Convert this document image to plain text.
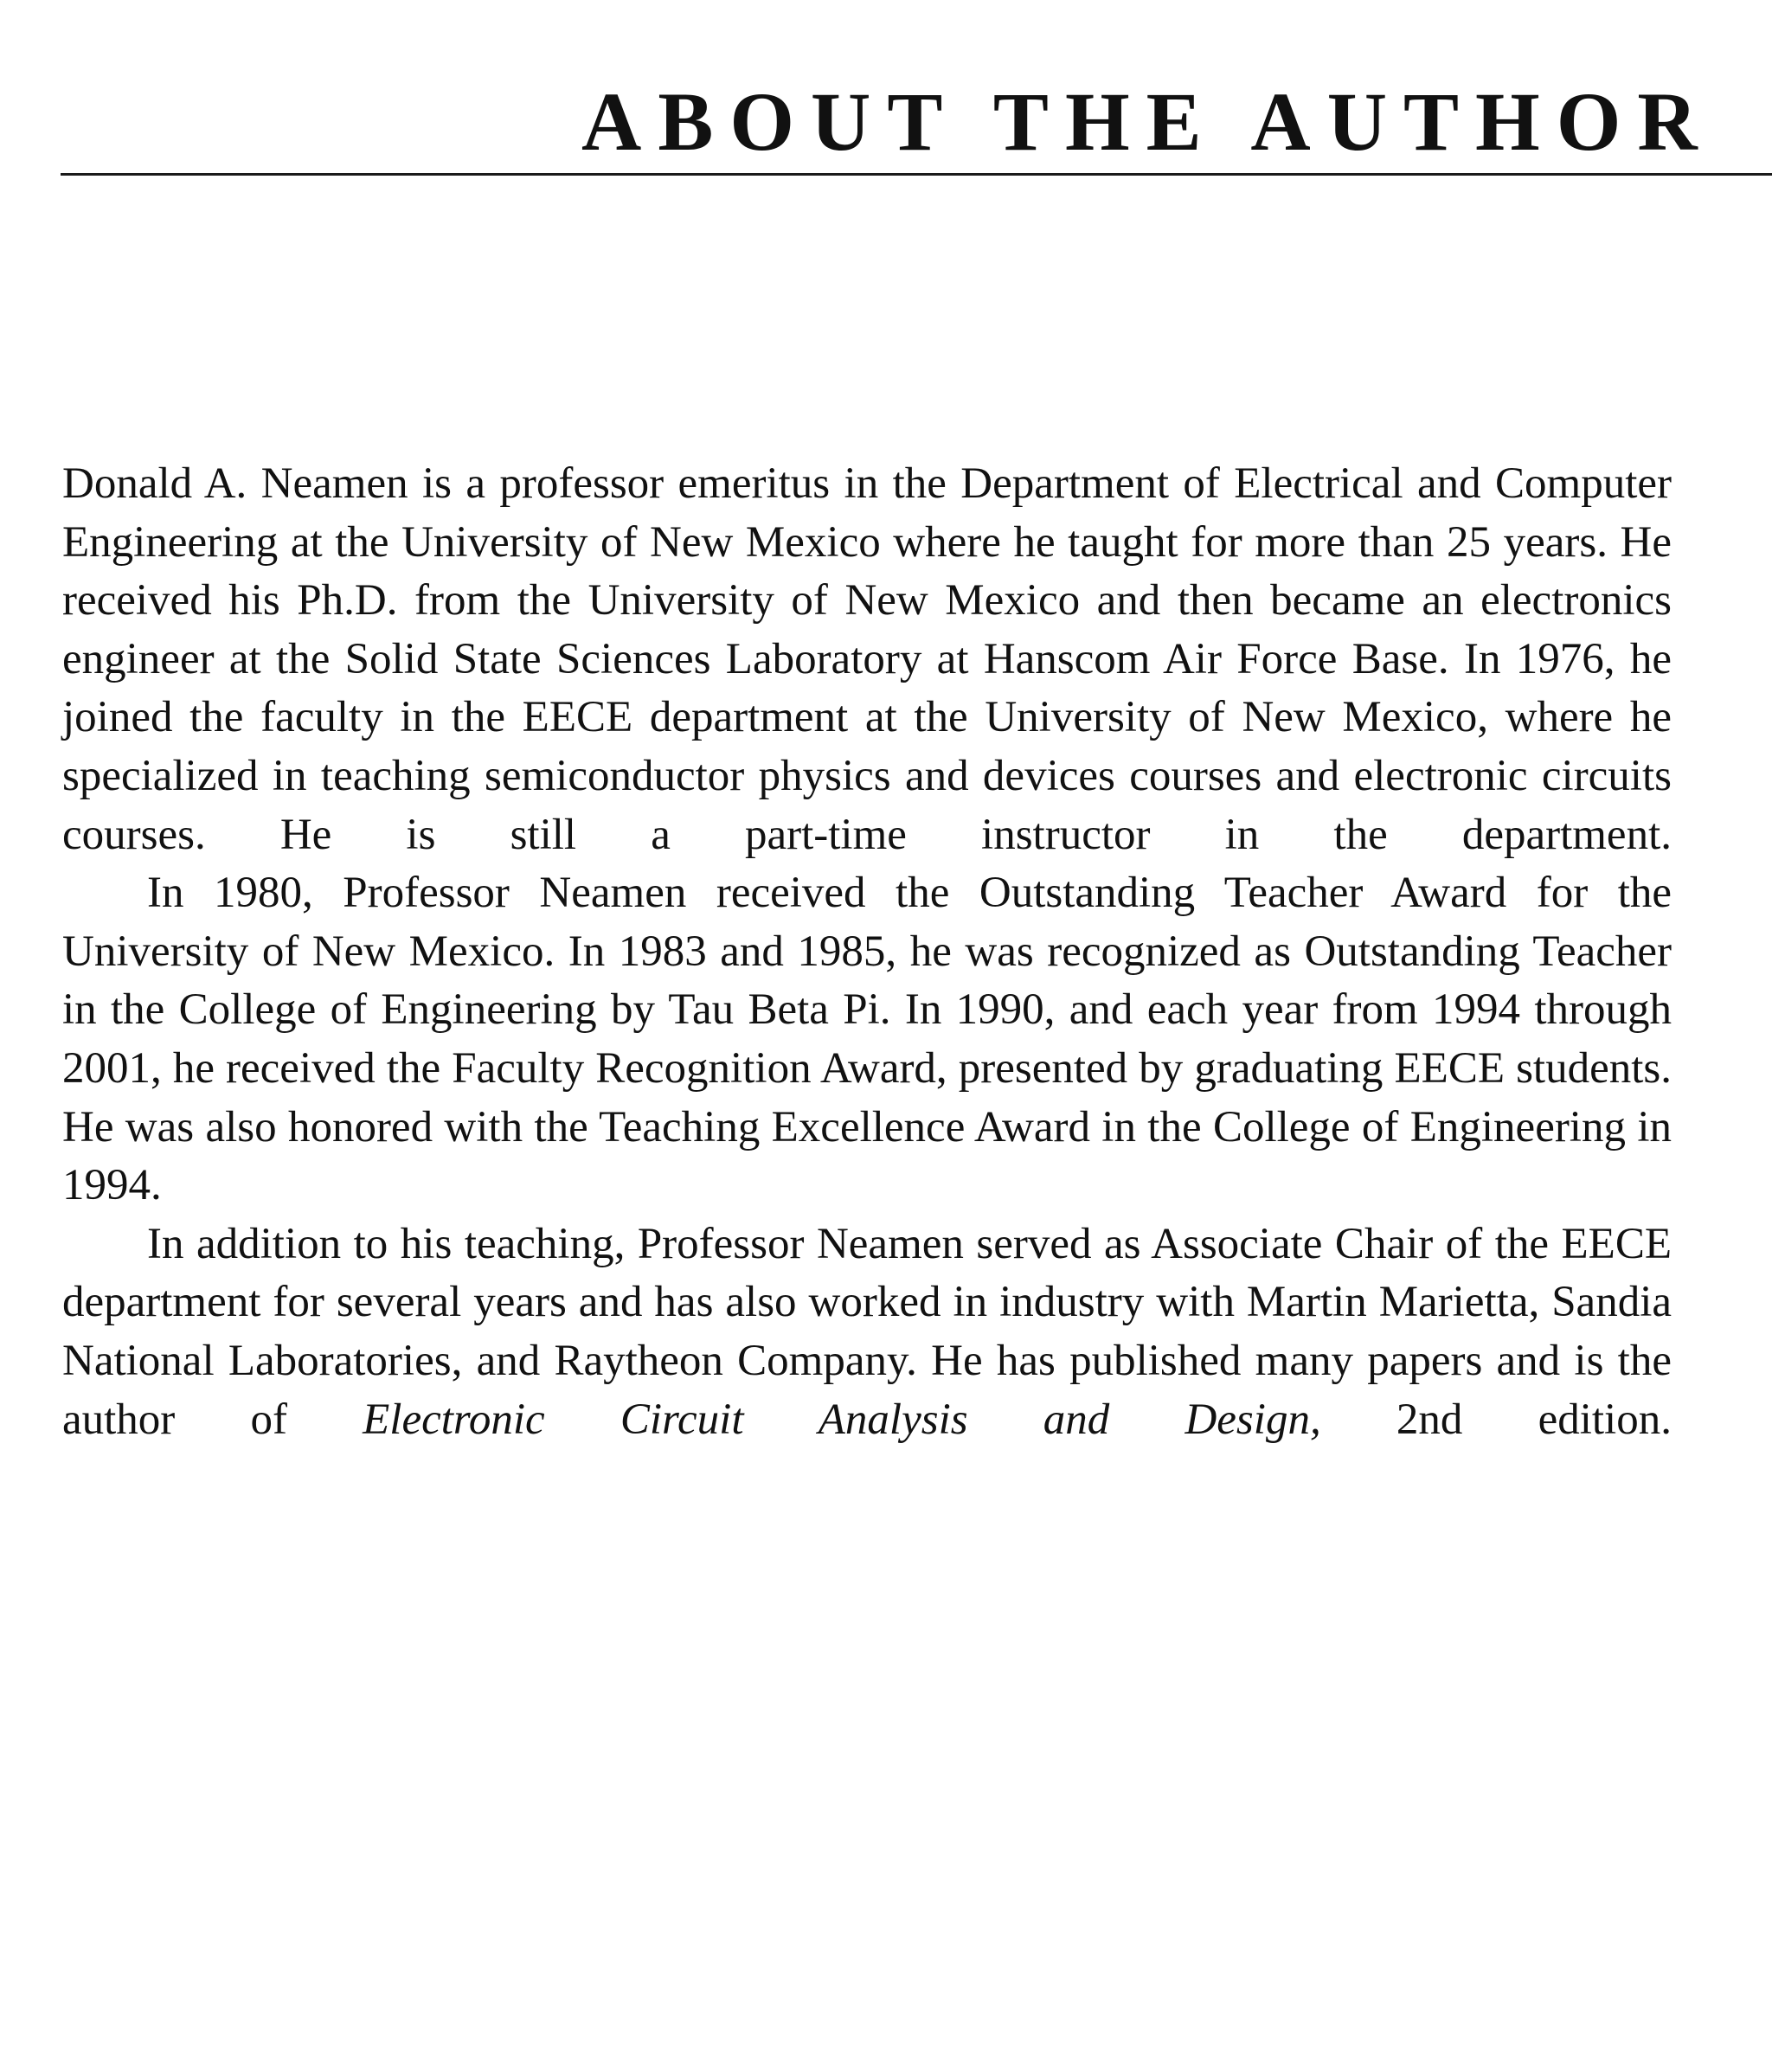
ABOUT THE AUTHOR

Donald A. Neamen is a professor emeritus in the Department of Electrical and Computer Engineering at the University of New Mexico where he taught for more than 25 years. He received his Ph.D. from the University of New Mexico and then became an electronics engineer at the Solid State Sciences Laboratory at Hanscom Air Force Base. In 1976, he joined the faculty in the EECE department at the University of New Mexico, where he specialized in teaching semiconductor physics and devices courses and electronic circuits courses. He is still a part-time instructor in the department.

In 1980, Professor Neamen received the Outstanding Teacher Award for the University of New Mexico. In 1983 and 1985, he was recognized as Outstanding Teacher in the College of Engineering by Tau Beta Pi. In 1990, and each year from 1994 through 2001, he received the Faculty Recognition Award, presented by graduating EECE students. He was also honored with the Teaching Excellence Award in the College of Engineering in 1994.

In addition to his teaching, Professor Neamen served as Associate Chair of the EECE department for several years and has also worked in industry with Martin Marietta, Sandia National Laboratories, and Raytheon Company. He has published many papers and is the author of Electronic Circuit Analysis and Design, 2nd edition.
